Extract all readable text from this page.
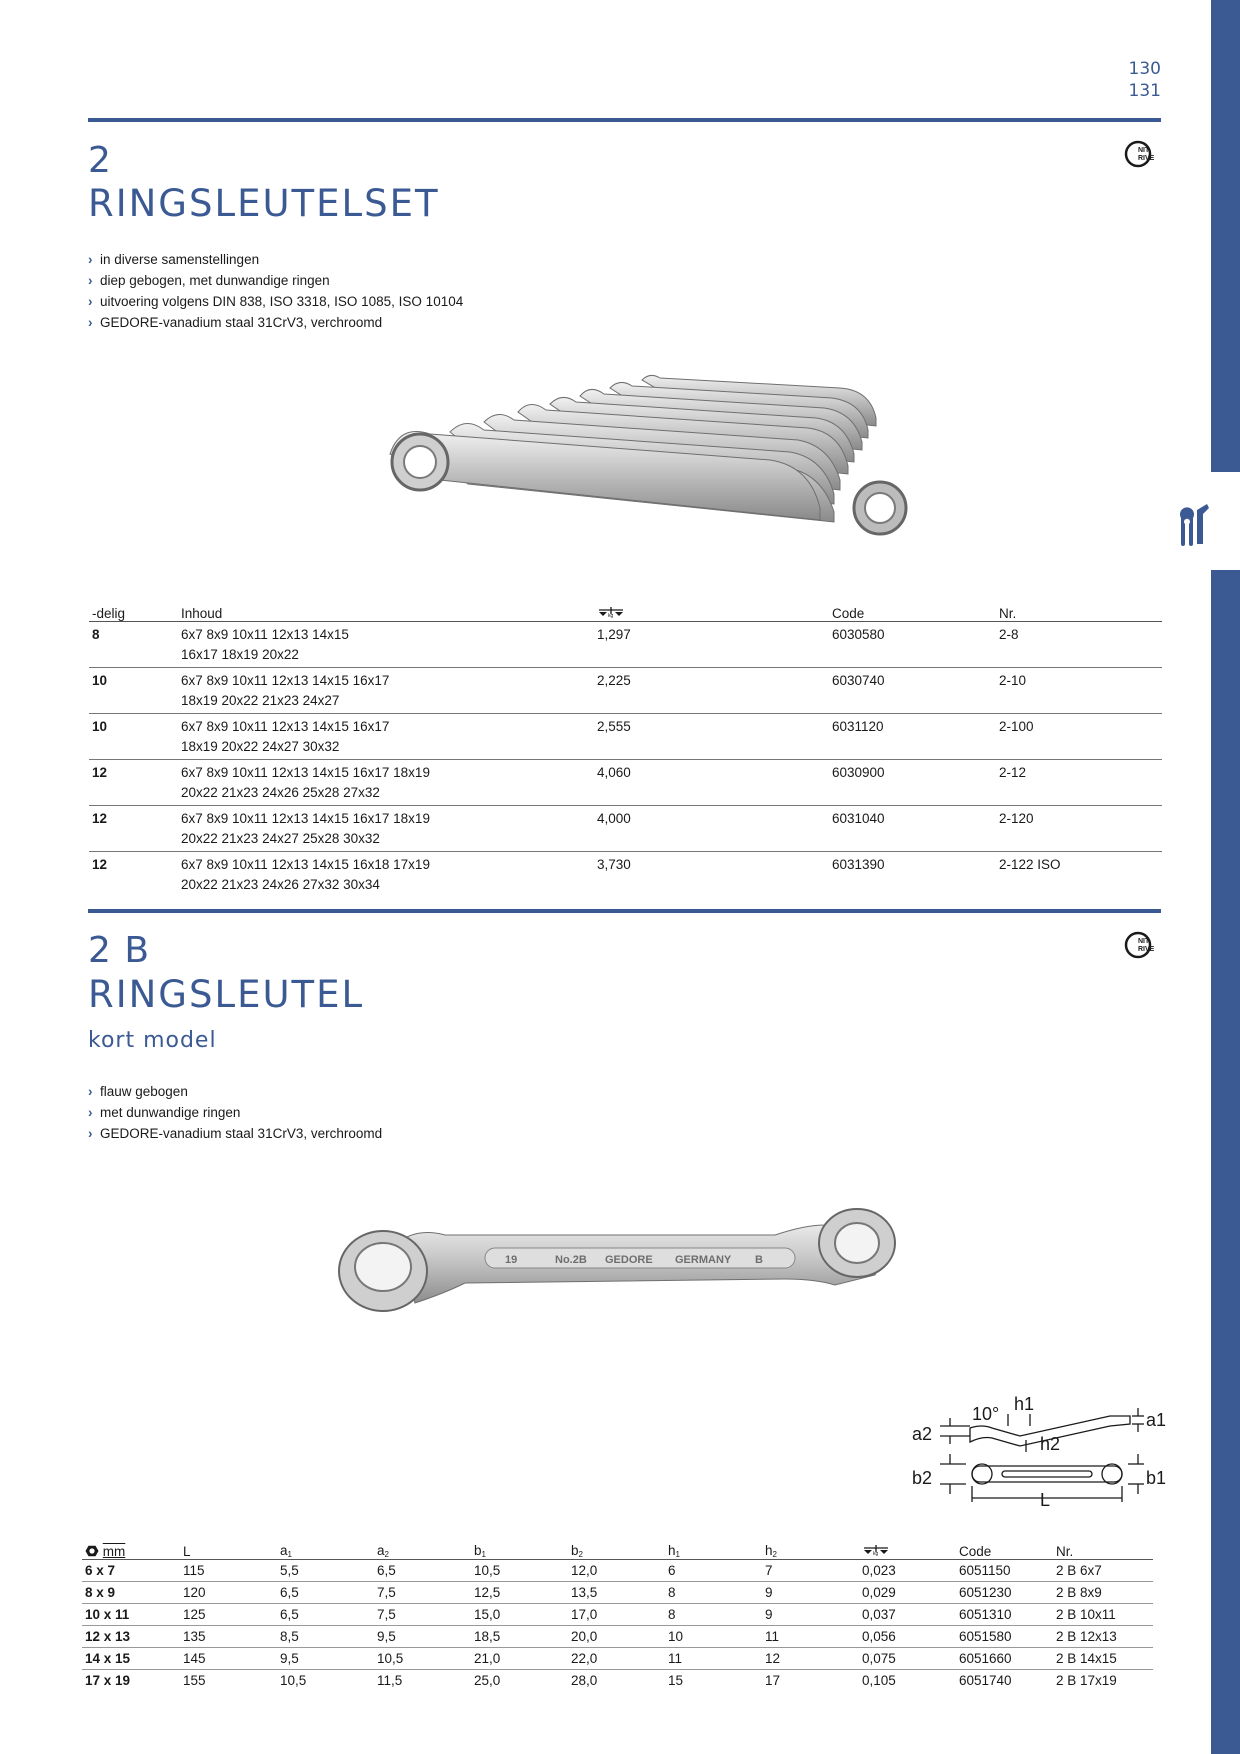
130
131
2
RINGSLEUTELSET
NIT
RIVE
› in diverse samenstellingen
› diep gebogen, met dunwandige ringen
› uitvoering volgens DIN 838, ISO 3318, ISO 1085, ISO 10104
› GEDORE-vanadium staal 31CrV3, verchroomd
-delig	Inhoud	kg	Code	Nr.
8	6x7 8x9 10x11 12x13 14x15
16x17 18x19 20x22	1,297	6030580	2-8
10	6x7 8x9 10x11 12x13 14x15 16x17
18x19 20x22 21x23 24x27	2,225	6030740	2-10
10	6x7 8x9 10x11 12x13 14x15 16x17
18x19 20x22 24x27 30x32	2,555	6031120	2-100
12	6x7 8x9 10x11 12x13 14x15 16x17 18x19
20x22 21x23 24x26 25x28 27x32	4,060	6030900	2-12
12	6x7 8x9 10x11 12x13 14x15 16x17 18x19
20x22 21x23 24x27 25x28 30x32	4,000	6031040	2-120
12	6x7 8x9 10x11 12x13 14x15 16x18 17x19
20x22 21x23 24x26 27x32 30x34	3,730	6031390	2-122 ISO
2 B
RINGSLEUTEL
kort model
NIT
RIVE
› flauw gebogen
› met dunwandige ringen
› GEDORE-vanadium staal 31CrV3, verchroomd
19	No.2B GEDORE GERMANY B
h1
a1
10°
a2	h2
b2	b1
L
mm	L	$a_1$	$a_2$	$b_1$	$b_2$	$h_1$	$h_2$	kg	Code	Nr.
6 x 7	115	5,5	6,5	10,5	12,0	6	7	0,023	6051150	2 B 6x7
8 x 9	120	6,5	7,5	12,5	13,5	8	9	0,029	6051230	2 B 8x9
10 x 11	125	6,5	7,5	15,0	17,0	8	9	0,037	6051310	2 B 10x11
12 x 13	135	8,5	9,5	18,5	20,0	10	11	0,056	6051580	2 B 12x13
14 x 15	145	9,5	10,5	21,0	22,0	11	12	0,075	6051660	2 B 14x15
17 x 19	155	10,5	11,5	25,0	28,0	15	17	0,105	6051740	2 B 17x19
